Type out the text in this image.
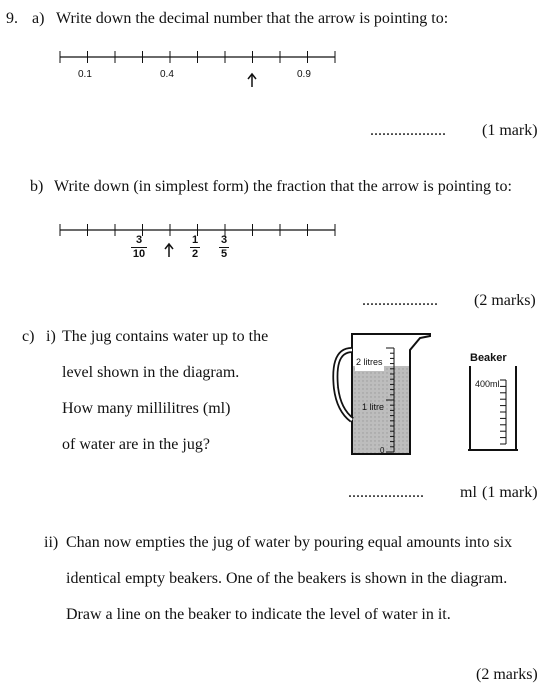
9. a) Write down the decimal number that the arrow is pointing to:
0.1	0.4	0.9
................... (1 mark)
b) Write down (in simplest form) the fraction that the arrow is pointing to:
3
10
1
2
3
5
................... (2 marks)
c) i) The jug contains water up to the
level shown in the diagram.
How many millilitres (ml)
of water are in the jug?
2 litres
1 litre
0
Beaker
400ml
................... ml (1 mark)
ii) Chan now empties the jug of water by pouring equal amounts into six
identical empty beakers. One of the beakers is shown in the diagram.
Draw a line on the beaker to indicate the level of water in it.
(2 marks)
